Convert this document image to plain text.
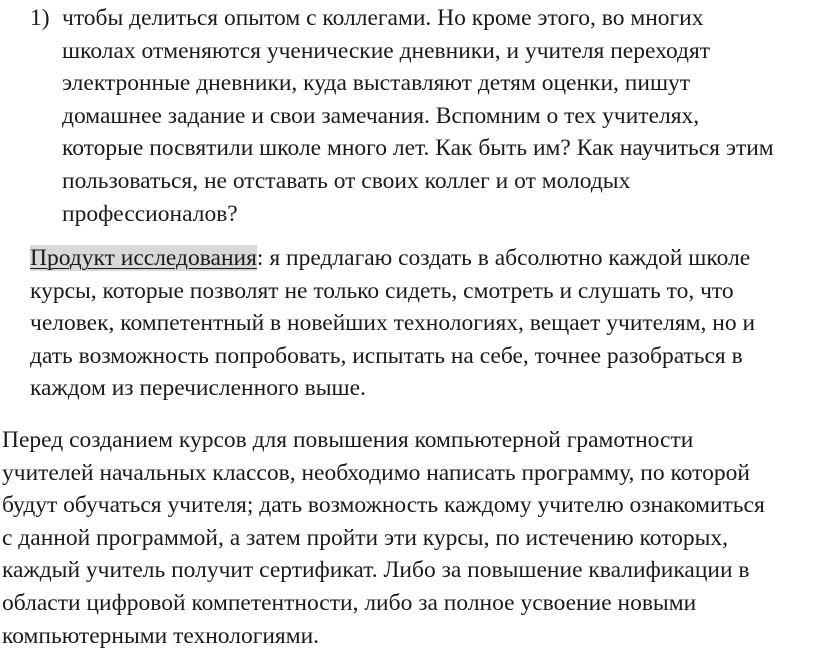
1) чтобы делиться опытом с коллегами. Но кроме этого, во многих
школах отменяются ученические дневники, и учителя переходят
электронные дневники, куда выставляют детям оценки, пишут
домашнее задание и свои замечания. Вспомним о тех учителях,
которые посвятили школе много лет. Как быть им? Как научиться этим
пользоваться, не отставать от своих коллег и от молодых
профессионалов?
Продукт исследования: я предлагаю создать в абсолютно каждой школе
курсы, которые позволят не только сидеть, смотреть и слушать то, что
человек, компетентный в новейших технологиях, вещает учителям, но и
дать возможность попробовать, испытать на себе, точнее разобраться в
каждом из перечисленного выше.
Перед созданием курсов для повышения компьютерной грамотности
учителей начальных классов, необходимо написать программу, по которой
будут обучаться учителя; дать возможность каждому учителю ознакомиться
с данной программой, а затем пройти эти курсы, по истечению которых,
каждый учитель получит сертификат. Либо за повышение квалификации в
области цифровой компетентности, либо за полное усвоение новыми
компьютерными технологиями.
